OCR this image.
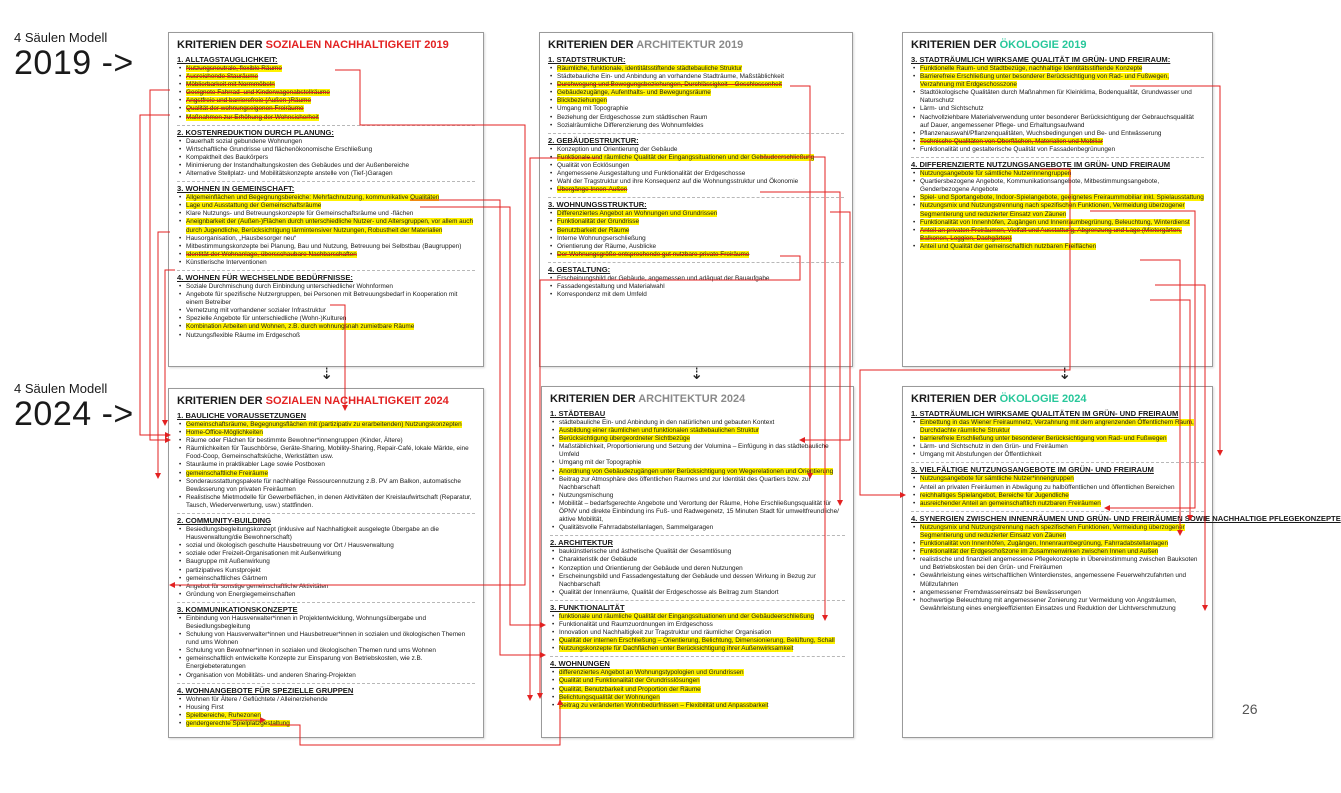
4 Säulen Modell
2019 ->
4 Säulen Modell
2024 ->
KRITERIEN DER SOZIALEN NACHHALTIGKEIT 2019
1. ALLTAGSTAUGLICHKEIT:
• Nutzungsneutrale, flexible Räume
• Ausreichende Stauräume
• Möblierbarkeit mit Normmöbeln
• Geeignete Fahrrad- und Kinderwagenabstellräume
• Angstfreie und barrierefreie (Außen-)Räume
• Qualität der wohnungseigenen Freiräume
• Maßnahmen zur Erhöhung der Wohnsicherheit
2. KOSTENREDUKTION DURCH PLANUNG:
• Dauerhaft sozial gebundene Wohnungen
• Wirtschaftliche Grundrisse und flächenökonomische Erschließung
• Kompaktheit des Baukörpers
• Minimierung der Instandhaltungskosten des Gebäudes und der Außenbereiche
• Alternative Stellplatz- und Mobilitätskonzepte anstelle von (Tief-)Garagen
3. WOHNEN IN GEMEINSCHAFT:
• Allgemeinflächen und Begegnungsbereiche: Mehrfachnutzung, kommunikative Qualitäten
• Lage und Ausstattung der Gemeinschaftsräume
• Klare Nutzungs- und Betreuungskonzepte für Gemeinschaftsräume und -flächen
• Aneignbarkeit der (Außen-)Flächen durch unterschiedliche Nutzer- und Altersgruppen, vor allem auch durch Jugendliche, Berücksichtigung lärmintensiver Nutzungen, Robustheit der Materialien
• Hausorganisation, „Hausbesorger neu“
• Mitbestimmungskonzepte bei Planung, Bau und Nutzung, Betreuung bei Selbstbau (Baugruppen)
• Identität der Wohnanlage, übersschaubare Nachbarschaften
• Künstlerische Interventionen
4. WOHNEN FÜR WECHSELNDE BEDÜRFNISSE:
• Soziale Durchmischung durch Einbindung unterschiedlicher Wohnformen
• Angebote für spezifische Nutzergruppen, bei Personen mit Betreuungsbedarf in Kooperation mit einem Betreiber
• Vernetzung mit vorhandener sozialer Infrastruktur
• Spezielle Angebote für unterschiedliche (Wohn-)Kulturen
• Kombination Arbeiten und Wohnen, z.B. durch wohnungsnah zumietbare Räume
• Nutzungsflexible Räume im Erdgeschoß
KRITERIEN DER ARCHITEKTUR 2019
1. STADTSTRUKTUR:
• Räumliche, funktionale, identitätsstiftende städtebauliche Struktur
• Städtebauliche Ein- und Anbindung an vorhandene Stadträume, Maßstäblichkeit
• Durchwegung und Bewegungsbeziehungen, Durchlässigkeit – Geschlossenheit
• Gebäudezugänge, Aufenthalts- und Bewegungsräume
• Blickbeziehungen
• Umgang mit Topographie
• Beziehung der Erdgeschosse zum städtischen Raum
• Sozialräumliche Differenzierung des Wohnumfeldes
2. GEBÄUDESTRUKTUR:
• Konzeption und Orientierung der Gebäude
• Funktionale und räumliche Qualität der Eingangssituationen und der Gebäudeerschließung
• Qualität von Ecklösungen
• Angemessene Ausgestaltung und Funktionalität der Erdgeschosse
• Wahl der Tragstruktur und ihre Konsequenz auf die Wohnungsstruktur und Ökonomie
• Übergänge Innen-Außen
3. WOHNUNGSSTRUKTUR:
• Differenziertes Angebot an Wohnungen und Grundrissen
• Funktionalität der Grundrisse
• Benutzbarkeit der Räume
• Interne Wohnungserschließung
• Orientierung der Räume, Ausblicke
• Der Wohnungsgröße entsprechende gut nutzbare private Freiräume
4. GESTALTUNG:
• Erscheinungsbild der Gebäude, angemessen und adäquat der Bauaufgabe
• Fassadengestaltung und Materialwahl
• Korrespondenz mit dem Umfeld
KRITERIEN DER ÖKOLOGIE 2019
3. STADTRÄUMLICH WIRKSAME QUALITÄT IM GRÜN- UND FREIRAUM:
• Funktionelle Raum- und Stadtbezüge, nachhaltige Identitätsstiftende Konzepte
• Barrierefreie Erschließung unter besonderer Berücksichtigung von Rad- und Fußwegen, Verzahnung mit Erdgeschosszone
• Stadtökologische Qualitäten durch Maßnahmen für Kleinklima, Bodenqualität, Grundwasser und Naturschutz
• Lärm- und Sichtschutz
• Nachvollziehbare Materialverwendung unter besonderer Berücksichtigung der Gebrauchsqualität auf Dauer, angemessener Pflege- und Erhaltungsaufwand
• Pflanzenauswahl/Pflanzenqualitäten, Wuchsbedingungen und Be- und Entwässerung
• Technische Qualitäten von Oberflächen, Materialien und Mobiliar
• Funktionalität und gestalterische Qualität von Fassadenbegrünungen
4. DIFFERENZIERTE NUTZUNGSANGEBOTE IM GRÜN- UND FREIRAUM
• Nutzungsangebote für sämtliche Nutzerinnengruppen
• Quartiersbezogene Angebote, Kommunikationsangebote, Mitbestimmungsangebote, Genderbezogene Angebote
• Spiel- und Sportangebote, Indoor-Spielangebote, geeignetes Freiraummobiliar inkl. Spielausstattung
• Nutzungsmix und Nutzungstrennung nach spezifischen Funktionen, Vermeidung überzogener Segmentierung und reduzierter Einsatz von Zäunen
• Funktionalität von Innenhöfen, Zugängen und Innenraumbegrünung, Beleuchtung, Winterdienst
• Anteil an privaten Freiräumen, Vielfalt und Ausstattung, Abgrenzung und Lage (Mietergärten, Balkonen, Loggien, Dachgärten)
• Anteil und Qualität der gemeinschaftlich nutzbaren Freiflächen
KRITERIEN DER SOZIALEN NACHHALTIGKEIT 2024
1. BAULICHE VORAUSSETZUNGEN
• Gemeinschaftsräume, Begegnungsflächen mit (partizipativ zu erarbeitenden) Nutzungskonzepten
• Home-Office-Möglichkeiten
• Räume oder Flächen für bestimmte Bewohner*innengruppen (Kinder, Ältere)
• Räumlichkeiten für Tauschbörse, Geräte-Sharing, Mobility-Sharing, Repair-Café, lokale Märkte, eine Food-Coop, Gemeinschaftsküche, Werkstätten usw.
• Stauräume in praktikabler Lage sowie Postboxen
• gemeinschaftliche Freiräume
• Sonderausstattungspakete für nachhaltige Ressourcennutzung z.B. PV am Balkon, automatische Bewässerung von privaten Freiräumen
• Realistische Mietmodelle für Gewerbeflächen, in denen Aktivitäten der Kreislaufwirtschaft (Reparatur, Tausch, Wiederverwertung, usw.) stattfinden.
2. COMMUNITY-BUILDING
• Besiedlungsbegleitungskonzept (inklusive auf Nachhaltigkeit ausgelegte Übergabe an die Hausverwaltung/die Bewohnerschaft)
• sozial und ökologisch geschulte Hausbetreuung vor Ort / Hausverwaltung
• soziale oder Freizeit-Organisationen mit Außenwirkung
• Baugruppe mit Außenwirkung
• partizipatives Kunstprojekt
• gemeinschaftliches Gärtnern
• Angebot für sonstige gemeinschaftliche Aktivitäten
• Gründung von Energiegemeinschaften
3. KOMMUNIKATIONSKONZEPTE
• Einbindung von Hausverwalter*innen in Projektentwicklung, Wohnungsübergabe und Besiedlungsbegleitung
• Schulung von Hausverwalter*innen und Hausbetreuer*innen in sozialen und ökologischen Themen rund ums Wohnen
• Schulung von Bewohner*innen in sozialen und ökologischen Themen rund ums Wohnen
• gemeinschaftlich entwickelte Konzepte zur Einsparung von Betriebskosten, wie z.B. Energiebeteratungen
• Organisation von Mobilitäts- und anderen Sharing-Projekten
4. WOHNANGEBOTE FÜR SPEZIELLE GRUPPEN
• Wohnen für Ältere / Geflüchtete / Alleinerziehende
• Housing First
• Spielbereiche, Ruhezonen
• gendergerechte Spielplatzgestaltung
KRITERIEN DER ARCHITEKTUR 2024
1. STÄDTEBAU
• städtebauliche Ein- und Anbindung in den natürlichen und gebauten Kontext
• Ausbildung einer räumlichen und funktionalen städtebaulichen Struktur
• Berücksichtigung übergeordneter Sichtbezüge
• Maßstäblichkeit, Proportionierung und Setzung der Volumina – Einfügung in das städtebauliche Umfeld
• Umgang mit der Topographie
• Anordnung von Gebäudezugängen unter Berücksichtigung von Wegerelationen und Orientierung
• Beitrag zur Atmosphäre des öffentlichen Raumes und zur Identität des Quartiers bzw. zur Nachbarschaft
• Nutzungsmischung
• Mobilität – bedarfsgerechte Angebote und Verortung der Räume, Hohe Erschließungsqualität für ÖPNV und direkte Einbindung ins Fuß- und Radwegenetz, 15 Minuten Stadt für umweltfreundliche/ aktive Mobilität,
• Qualitätsvolle Fahrradabstellanlagen, Sammelgaragen
2. ARCHITEKTUR
• baukünstlerische und ästhetische Qualität der Gesamtlösung
• Charakteristik der Gebäude
• Konzeption und Orientierung der Gebäude und deren Nutzungen
• Erscheinungsbild und Fassadengestaltung der Gebäude und dessen Wirkung in Bezug zur Nachbarschaft
• Qualität der Innenräume, Qualität der Erdgeschosse als Beitrag zum Standort
3. FUNKTIONALITÄT
• funktionale und räumliche Qualität der Eingangssituationen und der Gebäudeerschließung
• Funktionalität und Raumzuordnungen im Erdgeschoss
• Innovation und Nachhaltigkeit zur Tragstruktur und räumlicher Organisation
• Qualität der internen Erschließung – Orientierung, Belichtung, Dimensionierung, Belüftung, Schall
• Nutzungskonzepte für Dachflächen unter Berücksichtigung ihrer Außenwirksamkeit
4. WOHNUNGEN
• differenziertes Angebot an Wohnungstypologien und Grundrissen
• Qualität und Funktionalität der Grundrisslösungen
• Qualität, Benutzbarkeit und Proportion der Räume
• Belichtungsqualität der Wohnungen
• Beitrag zu veränderten Wohnbedürfnissen – Flexibilität und Anpassbarkeit
KRITERIEN DER ÖKOLOGIE 2024
1. STADTRÄUMLICH WIRKSAME QUALITÄTEN IM GRÜN- UND FREIRAUM
• Einbettung in das Wiener Freiraumnetz, Verzahnung mit dem angrenzenden Öffentlichem Raum, Durchdachte räumliche Struktur
• barrierefreie Erschließung unter besonderer Berücksichtigung von Rad- und Fußwegen
• Lärm- und Sichtschutz in den Grün- und Freiräumen
• Umgang mit Abstufungen der Öffentlichkeit
3. VIELFÄLTIGE NUTZUNGSANGEBOTE IM GRÜN- UND FREIRAUM
• Nutzungsangebote für sämtliche Nutzer*innengruppen
• Anteil an privaten Freiräumen in Abwägung zu halböffentlichen und öffentlichen Bereichen
• reichhaltiges Spielangebot, Bereiche für Jugendliche
• ausreichender Anteil an gemeinschaftlich nutzbaren Freiräumen
4. SYNERGIEN ZWISCHEN INNENRÄUMEN UND GRÜN- UND FREIRÄUMEN SOWIE NACHHALTIGE PFLEGEKONZEPTE
• Nutzungsmix und Nutzungstrennung nach spezifischen Funktionen, Vermeidung überzogener Segmentierung und reduzierter Einsatz von Zäunen
• Funktionalität von Innenhöfen, Zugängen, Innenraumbegrünung, Fahrradabstellanlagen
• Funktionalität der Erdgeschoßzone im Zusammenwirken zwischen Innen und Außen
• realistische und finanziell angemessene Pflegekonzepte in Übereinstimmung zwischen Bauksoten und Betriebskosten bei den Grün- und Freiräumen
• Gewährleistung eines wirtschaftlichen Winterdienstes, angemessene Feuerwehrzufahrten und Müllzufahrten
• angemessener Fremdwassereinsatz bei Bewässerungen
• hochwertige Beleuchtung mit angemessener Zonierung zur Vermeidung von Angsträumen, Gewährleistung eines energieeffizienten Einsatzes und Reduktion der Lichtverschmutzung
⇣	⇣	⇣
26
